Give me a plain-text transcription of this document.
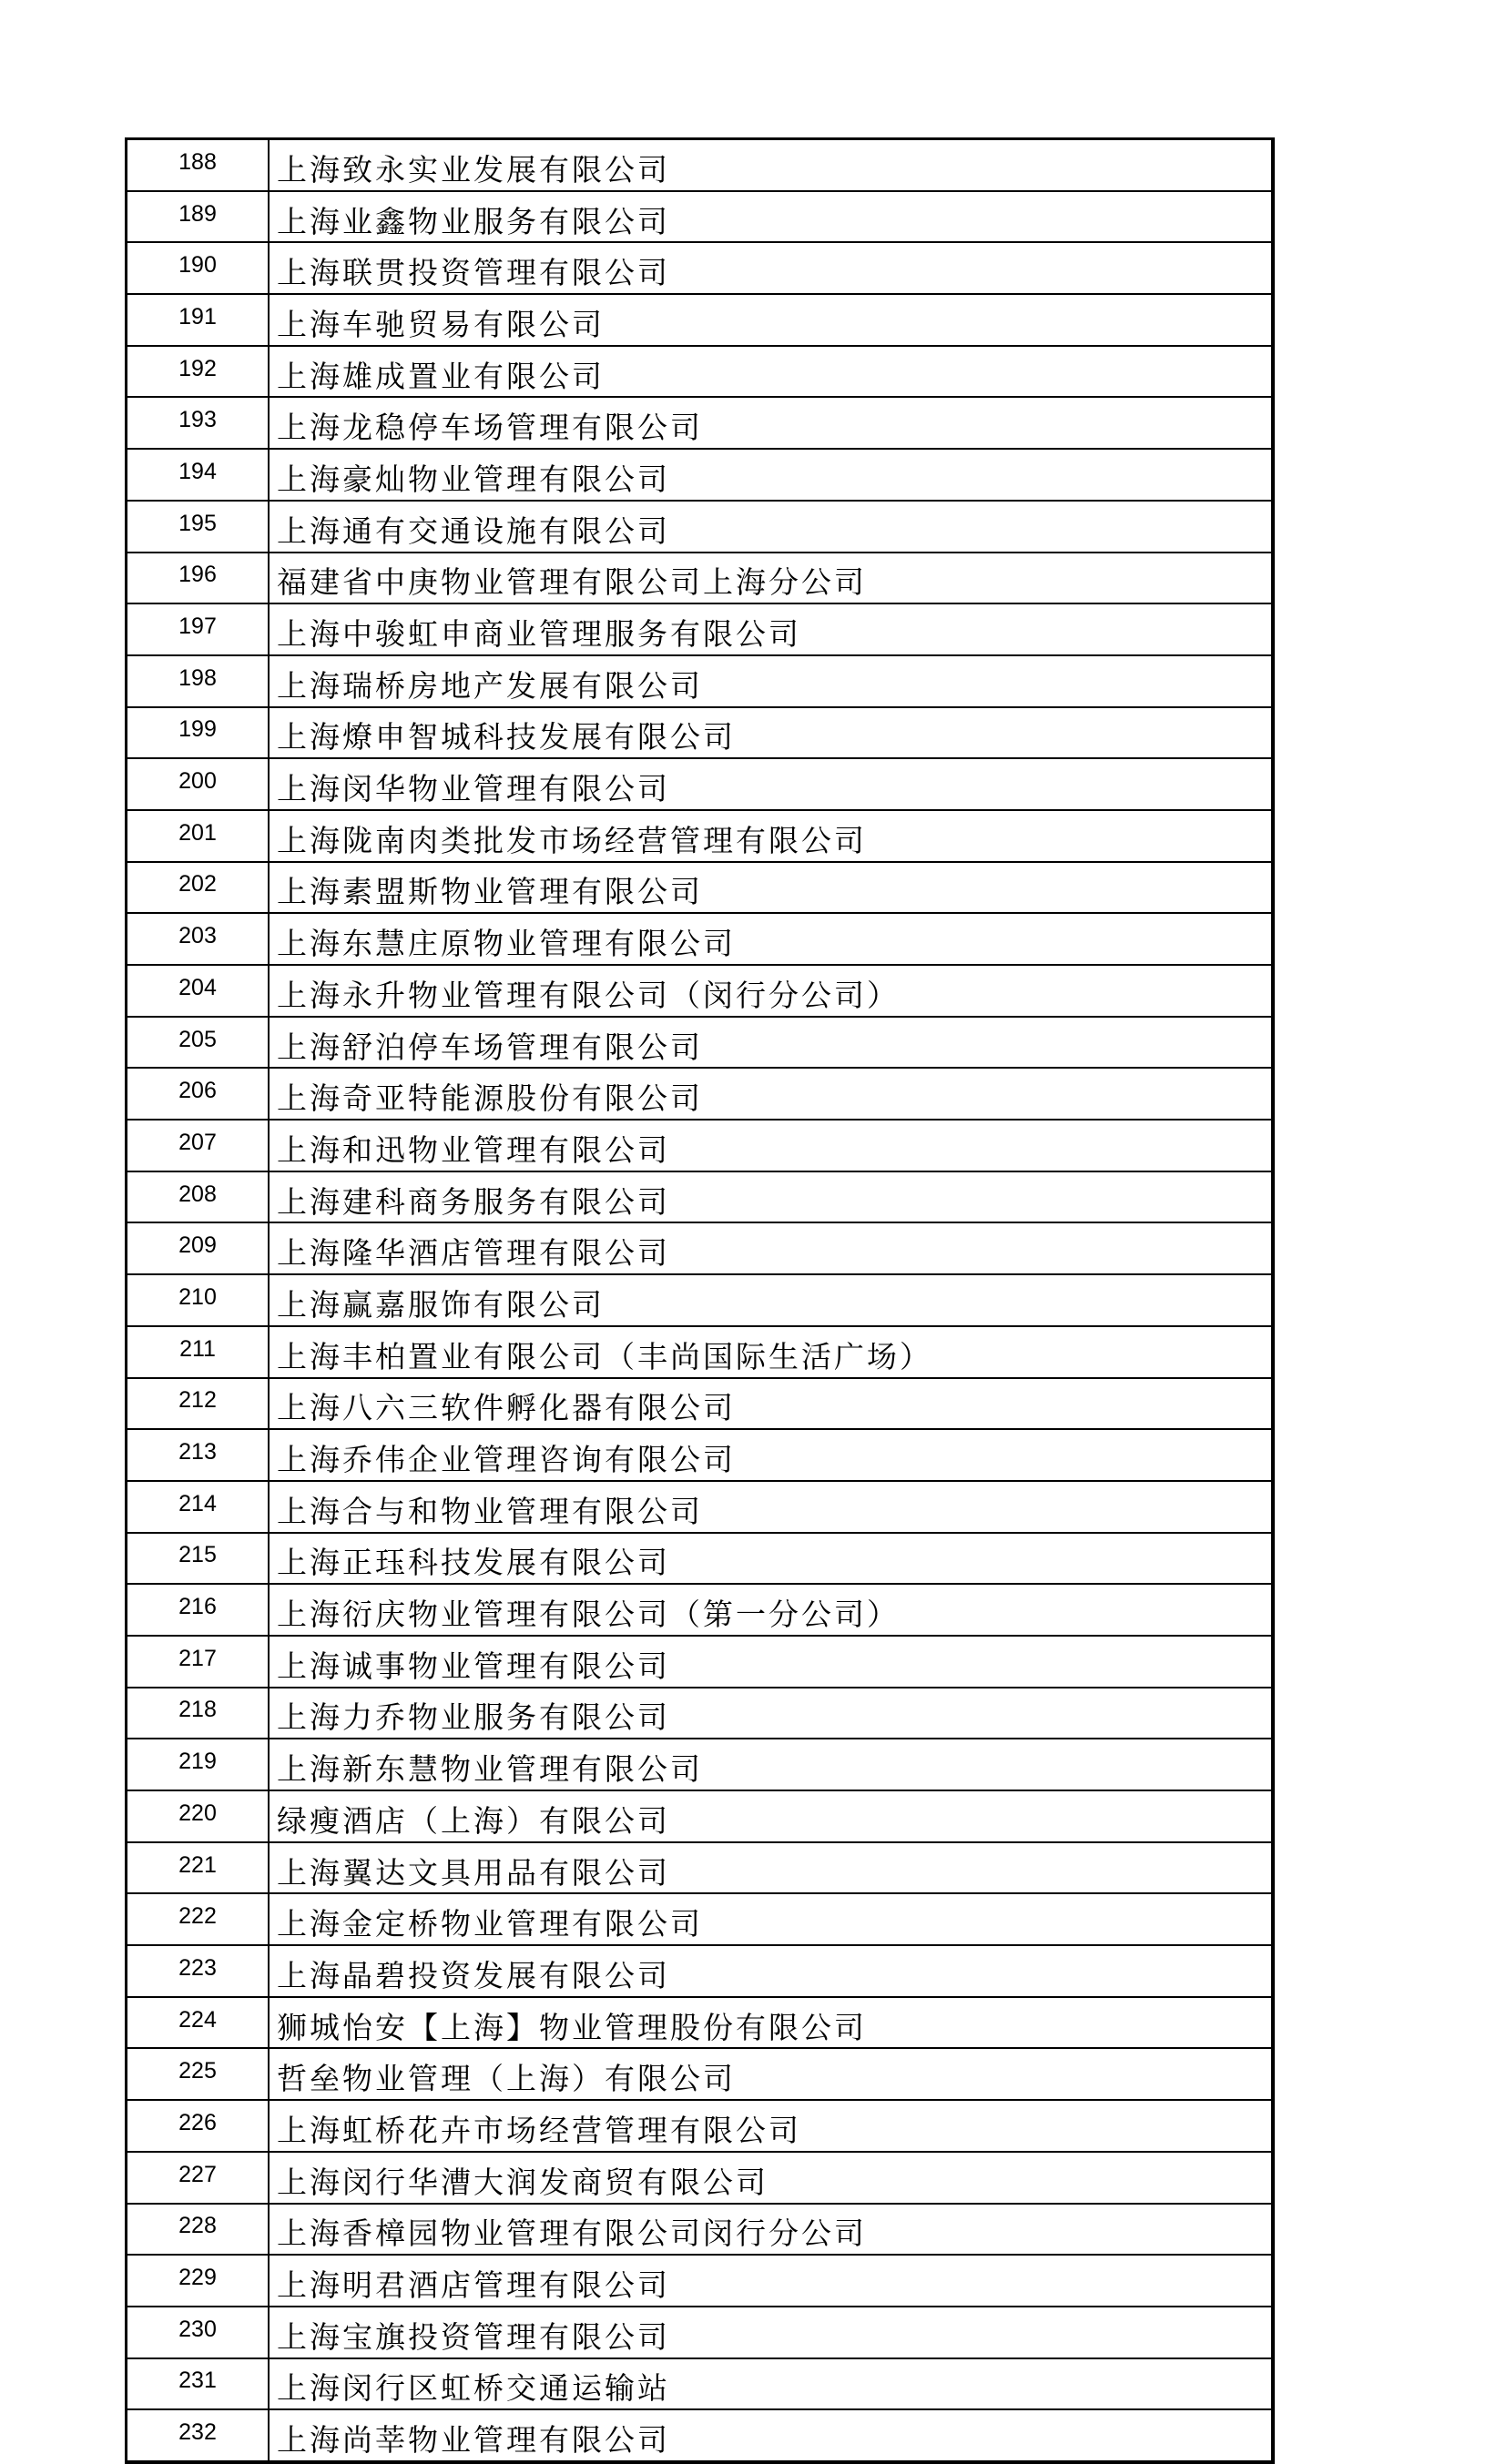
188	上海致永实业发展有限公司
189	上海业鑫物业服务有限公司
190	上海联贯投资管理有限公司
191	上海车驰贸易有限公司
192	上海雄成置业有限公司
193	上海龙稳停车场管理有限公司
194	上海豪灿物业管理有限公司
195	上海通有交通设施有限公司
196	福建省中庚物业管理有限公司上海分公司
197	上海中骏虹申商业管理服务有限公司
198	上海瑞桥房地产发展有限公司
199	上海燎申智城科技发展有限公司
200	上海闵华物业管理有限公司
201	上海陇南肉类批发市场经营管理有限公司
202	上海素盟斯物业管理有限公司
203	上海东慧庄原物业管理有限公司
204	上海永升物业管理有限公司（闵行分公司）
205	上海舒泊停车场管理有限公司
206	上海奇亚特能源股份有限公司
207	上海和迅物业管理有限公司
208	上海建科商务服务有限公司
209	上海隆华酒店管理有限公司
210	上海赢嘉服饰有限公司
211	上海丰柏置业有限公司（丰尚国际生活广场）
212	上海八六三软件孵化器有限公司
213	上海乔伟企业管理咨询有限公司
214	上海合与和物业管理有限公司
215	上海正珏科技发展有限公司
216	上海衍庆物业管理有限公司（第一分公司）
217	上海诚事物业管理有限公司
218	上海力乔物业服务有限公司
219	上海新东慧物业管理有限公司
220	绿瘦酒店（上海）有限公司
221	上海翼达文具用品有限公司
222	上海金定桥物业管理有限公司
223	上海晶碧投资发展有限公司
224	狮城怡安【上海】物业管理股份有限公司
225	哲垒物业管理（上海）有限公司
226	上海虹桥花卉市场经营管理有限公司
227	上海闵行华漕大润发商贸有限公司
228	上海香樟园物业管理有限公司闵行分公司
229	上海明君酒店管理有限公司
230	上海宝旗投资管理有限公司
231	上海闵行区虹桥交通运输站
232	上海尚莘物业管理有限公司
